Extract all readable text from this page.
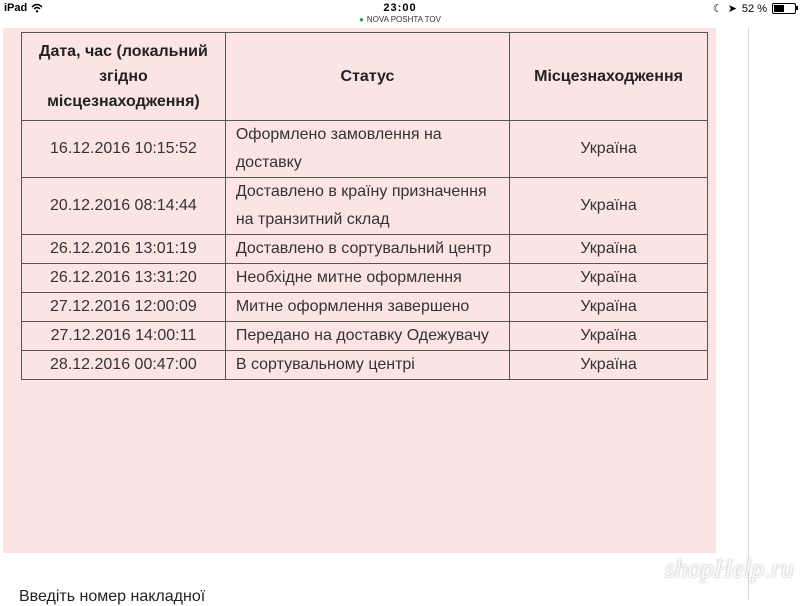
iPad	23:00
● NOVA POSHTA TOV
☾ ➤ 52 %
Дата, час (локальний згідно місцезнаходження)	Статус	Місцезнаходження
16.12.2016 10:15:52	Оформлено замовлення на доставку	Україна
20.12.2016 08:14:44	Доставлено в країну призначення на транзитний склад	Україна
26.12.2016 13:01:19	Доставлено в сортувальний центр	Україна
26.12.2016 13:31:20	Необхідне митне оформлення	Україна
27.12.2016 12:00:09	Митне оформлення завершено	Україна
27.12.2016 14:00:11	Передано на доставку Одежувачу	Україна
28.12.2016 00:47:00	В сортувальному центрі	Україна
shopHelp.ru
Введіть номер накладної
